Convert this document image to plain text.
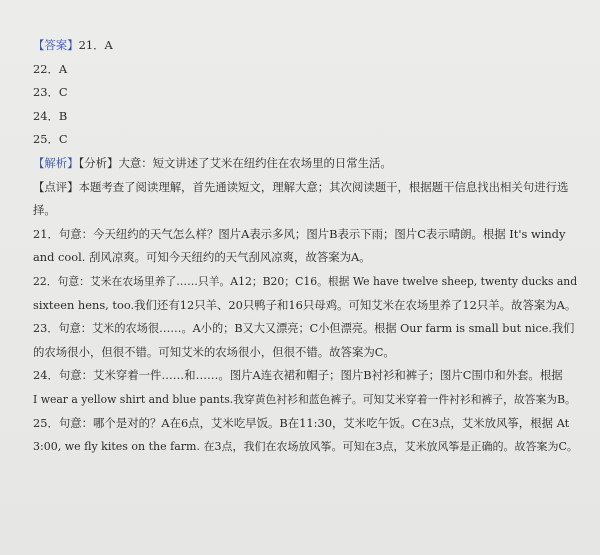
【答案】21．A
22．A
23．C
24．B
25．C
【解析】【分析】大意：短文讲述了艾米在纽约住在农场里的日常生活。
【点评】本题考查了阅读理解，首先通读短文，理解大意；其次阅读题干，根据题干信息找出相关句进行选
择。
21．句意：今天纽约的天气怎么样？图片A表示多风；图片B表示下雨；图片C表示晴朗。根据 It's windy
and cool. 刮风凉爽。可知今天纽约的天气刮风凉爽，故答案为A。
22．句意：艾米在农场里养了……只羊。A12；B20；C16。根据 We have twelve sheep, twenty ducks and
sixteen hens, too.我们还有12只羊、20只鸭子和16只母鸡。可知艾米在农场里养了12只羊。故答案为A。
23．句意：艾米的农场很……。A小的；B又大又漂亮；C小但漂亮。根据 Our farm is small but nice.我们
的农场很小，但很不错。可知艾米的农场很小，但很不错。故答案为C。
24．句意：艾米穿着一件……和……。图片A连衣裙和帽子；图片B衬衫和裤子；图片C围巾和外套。根据
I wear a yellow shirt and blue pants.我穿黄色衬衫和蓝色裤子。可知艾米穿着一件衬衫和裤子，故答案为B。
25．句意：哪个是对的？A在6点，艾米吃早饭。B在11:30，艾米吃午饭。C在3点，艾米放风筝，根据 At
3:00, we fly kites on the farm. 在3点，我们在农场放风筝。可知在3点，艾米放风筝是正确的。故答案为C。
